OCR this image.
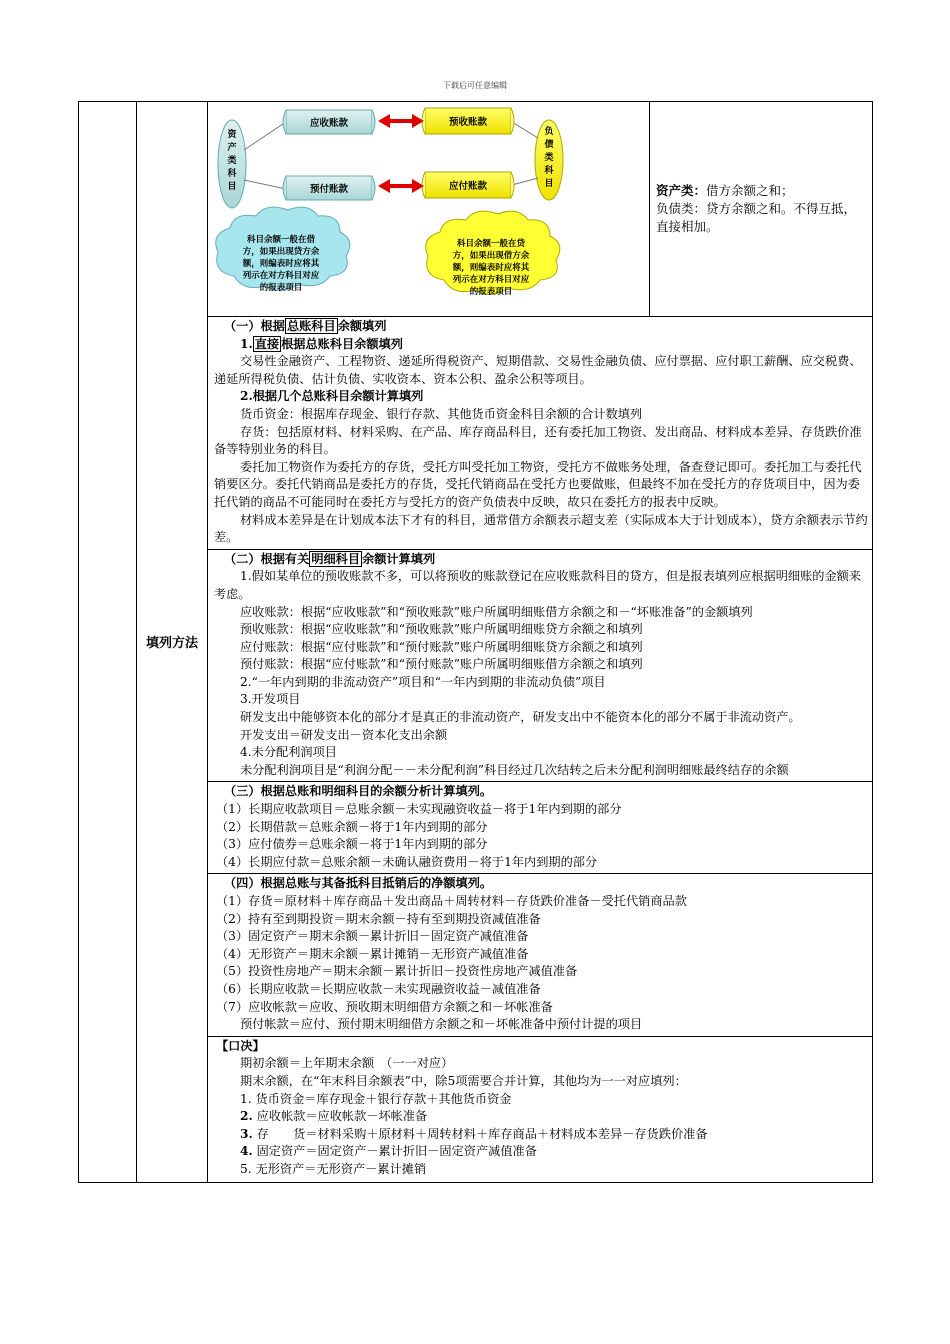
下载后可任意编辑
	填列方法	
资
产
类
科
目
负
债
类
科
目
应收账款
预付账款
预收账款
应付账款
科目余额一般在借
方，如果出现贷方余
额，则编表时应将其
列示在对方科目对应
的报表项目
科目余额一般在贷
方，如果出现借方余
额，则编表时应将其
列示在对方科目对应
的报表项目

资产类：借方余额之和；
负债类：贷方余额之和。不得互抵，直接相加。

（一）根据 总账科目 余额填列
1. 直接 根据总账科目余额填列
交易性金融资产、工程物资、递延所得税资产、短期借款、交易性金融负债、应付票据、应付职工薪酬、应交税费、递延所得税负债、估计负债、实收资本、资本公积、盈余公积等项目。
2.根据几个总账科目余额计算填列
货币资金：根据库存现金、银行存款、其他货币资金科目余额的合计数填列
存货：包括原材料、材料采购、在产品、库存商品科目，还有委托加工物资、发出商品、材料成本差异、存货跌价准备等特别业务的科目。
委托加工物资作为委托方的存货，受托方叫受托加工物资，受托方不做账务处理，备查登记即可。委托加工与委托代销要区分。委托代销商品是委托方的存货，受托代销商品在受托方也要做账，但最终不加在受托方的存货项目中，因为委托代销的商品不可能同时在委托方与受托方的资产负债表中反映，故只在委托方的报表中反映。
材料成本差异是在计划成本法下才有的科目，通常借方余额表示超支差（实际成本大于计划成本），贷方余额表示节约差。

（二）根据有关 明细科目 余额计算填列
1.假如某单位的预收账款不多，可以将预收的账款登记在应收账款科目的贷方，但是报表填列应根据明细账的金额来考虑。
应收账款：根据“应收账款”和“预收账款”账户所属明细账借方余额之和－“坏账准备”的金额填列
预收账款：根据“应收账款”和“预收账款”账户所属明细账贷方余额之和填列
应付账款：根据“应付账款”和“预付账款”账户所属明细账贷方余额之和填列
预付账款：根据“应付账款”和“预付账款”账户所属明细账借方余额之和填列
2.“一年内到期的非流动资产”项目和“一年内到期的非流动负债”项目
3.开发项目
研发支出中能够资本化的部分才是真正的非流动资产，研发支出中不能资本化的部分不属于非流动资产。
开发支出＝研发支出－资本化支出余额
4.未分配利润项目
未分配利润项目是“利润分配－－未分配利润”科目经过几次结转之后未分配利润明细账最终结存的余额

（三）根据总账和明细科目的余额分析计算填列。
（1）长期应收款项目＝总账余额－未实现融资收益－将于1年内到期的部分
（2）长期借款＝总账余额－将于1年内到期的部分
（3）应付债券＝总账余额－将于1年内到期的部分
（4）长期应付款＝总账余额－未确认融资费用－将于1年内到期的部分

（四）根据总账与其备抵科目抵销后的净额填列。
（1）存货＝原材料＋库存商品＋发出商品＋周转材料－存货跌价准备－受托代销商品款
（2）持有至到期投资＝期末余额－持有至到期投资减值准备
（3）固定资产＝期末余额－累计折旧－固定资产减值准备
（4）无形资产＝期末余额－累计摊销－无形资产减值准备
（5）投资性房地产＝期末余额－累计折旧－投资性房地产减值准备
（6）长期应收款＝长期应收款－未实现融资收益－减值准备
（7）应收帐款＝应收、预收期末明细借方余额之和－坏帐准备
预付帐款＝应付、预付期末明细借方余额之和－坏帐准备中预付计提的项目

【口决】
期初余额＝上年期末余额　（一一对应）
期末余额，在“年末科目余额表”中，除5项需要合并计算，其他均为一一对应填列：
1. 货币资金＝库存现金＋银行存款＋其他货币资金
2. 应收帐款＝应收帐款－坏帐准备
3. 存　　货＝材料采购＋原材料＋周转材料＋库存商品＋材料成本差异－存货跌价准备
4. 固定资产＝固定资产－累计折旧－固定资产减值准备
5. 无形资产＝无形资产－累计摊销
